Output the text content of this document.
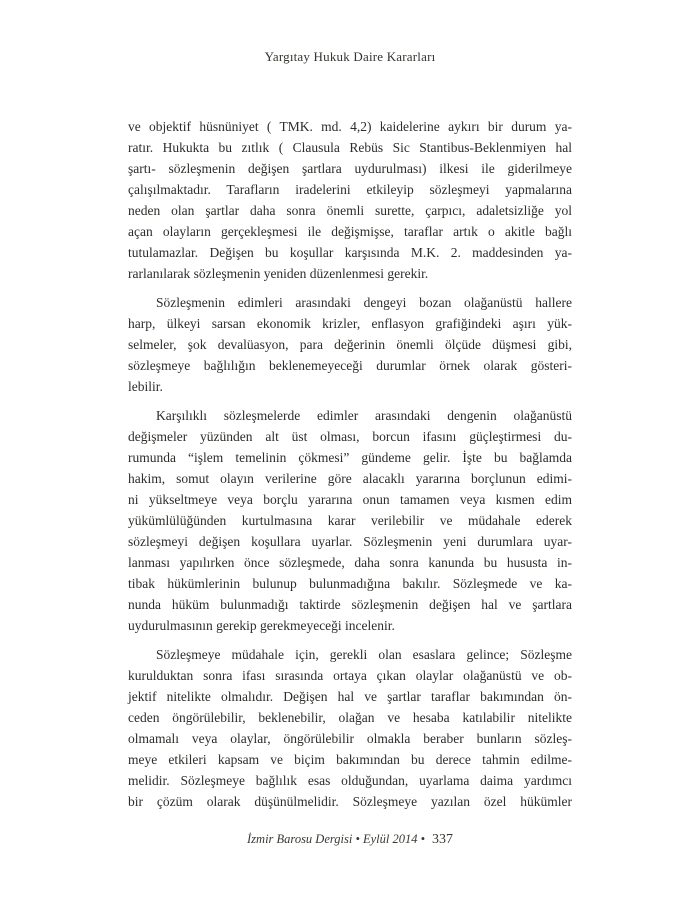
Yargıtay Hukuk Daire Kararları
ve objektif hüsnüniyet ( TMK. md. 4,2) kaidelerine aykırı bir durum ya-
ratır. Hukukta bu zıtlık ( Clausula Rebüs Sic Stantibus-Beklenmiyen hal
şartı- sözleşmenin değişen şartlara uydurulması) ilkesi ile giderilmeye
çalışılmaktadır. Tarafların iradelerini etkileyip sözleşmeyi yapmalarına
neden olan şartlar daha sonra önemli surette, çarpıcı, adaletsizliğe yol
açan olayların gerçekleşmesi ile değişmişse, taraflar artık o akitle bağlı
tutulamazlar. Değişen bu koşullar karşısında M.K. 2. maddesinden ya-
rarlanılarak sözleşmenin yeniden düzenlenmesi gerekir.
Sözleşmenin edimleri arasındaki dengeyi bozan olağanüstü hallere
harp, ülkeyi sarsan ekonomik krizler, enflasyon grafiğindeki aşırı yük-
selmeler, şok devalüasyon, para değerinin önemli ölçüde düşmesi gibi,
sözleşmeye bağlılığın beklenemeyeceği durumlar örnek olarak gösteri-
lebilir.
Karşılıklı sözleşmelerde edimler arasındaki dengenin olağanüstü
değişmeler yüzünden alt üst olması, borcun ifasını güçleştirmesi du-
rumunda “işlem temelinin çökmesi” gündeme gelir. İşte bu bağlamda
hakim, somut olayın verilerine göre alacaklı yararına borçlunun edimi-
ni yükseltmeye veya borçlu yararına onun tamamen veya kısmen edim
yükümlülüğünden kurtulmasına karar verilebilir ve müdahale ederek
sözleşmeyi değişen koşullara uyarlar. Sözleşmenin yeni durumlara uyar-
lanması yapılırken önce sözleşmede, daha sonra kanunda bu hususta in-
tibak hükümlerinin bulunup bulunmadığına bakılır. Sözleşmede ve ka-
nunda hüküm bulunmadığı taktirde sözleşmenin değişen hal ve şartlara
uydurulmasının gerekip gerekmeyeceği incelenir.
Sözleşmeye müdahale için, gerekli olan esaslara gelince; Sözleşme
kurulduktan sonra ifası sırasında ortaya çıkan olaylar olağanüstü ve ob-
jektif nitelikte olmalıdır. Değişen hal ve şartlar taraflar bakımından ön-
ceden öngörülebilir, beklenebilir, olağan ve hesaba katılabilir nitelikte
olmamalı veya olaylar, öngörülebilir olmakla beraber bunların sözleş-
meye etkileri kapsam ve biçim bakımından bu derece tahmin edilme-
melidir. Sözleşmeye bağlılık esas olduğundan, uyarlama daima yardımcı
bir çözüm olarak düşünülmelidir. Sözleşmeye yazılan özel hükümler
İzmir Barosu Dergisi • Eylül 2014 • 337
